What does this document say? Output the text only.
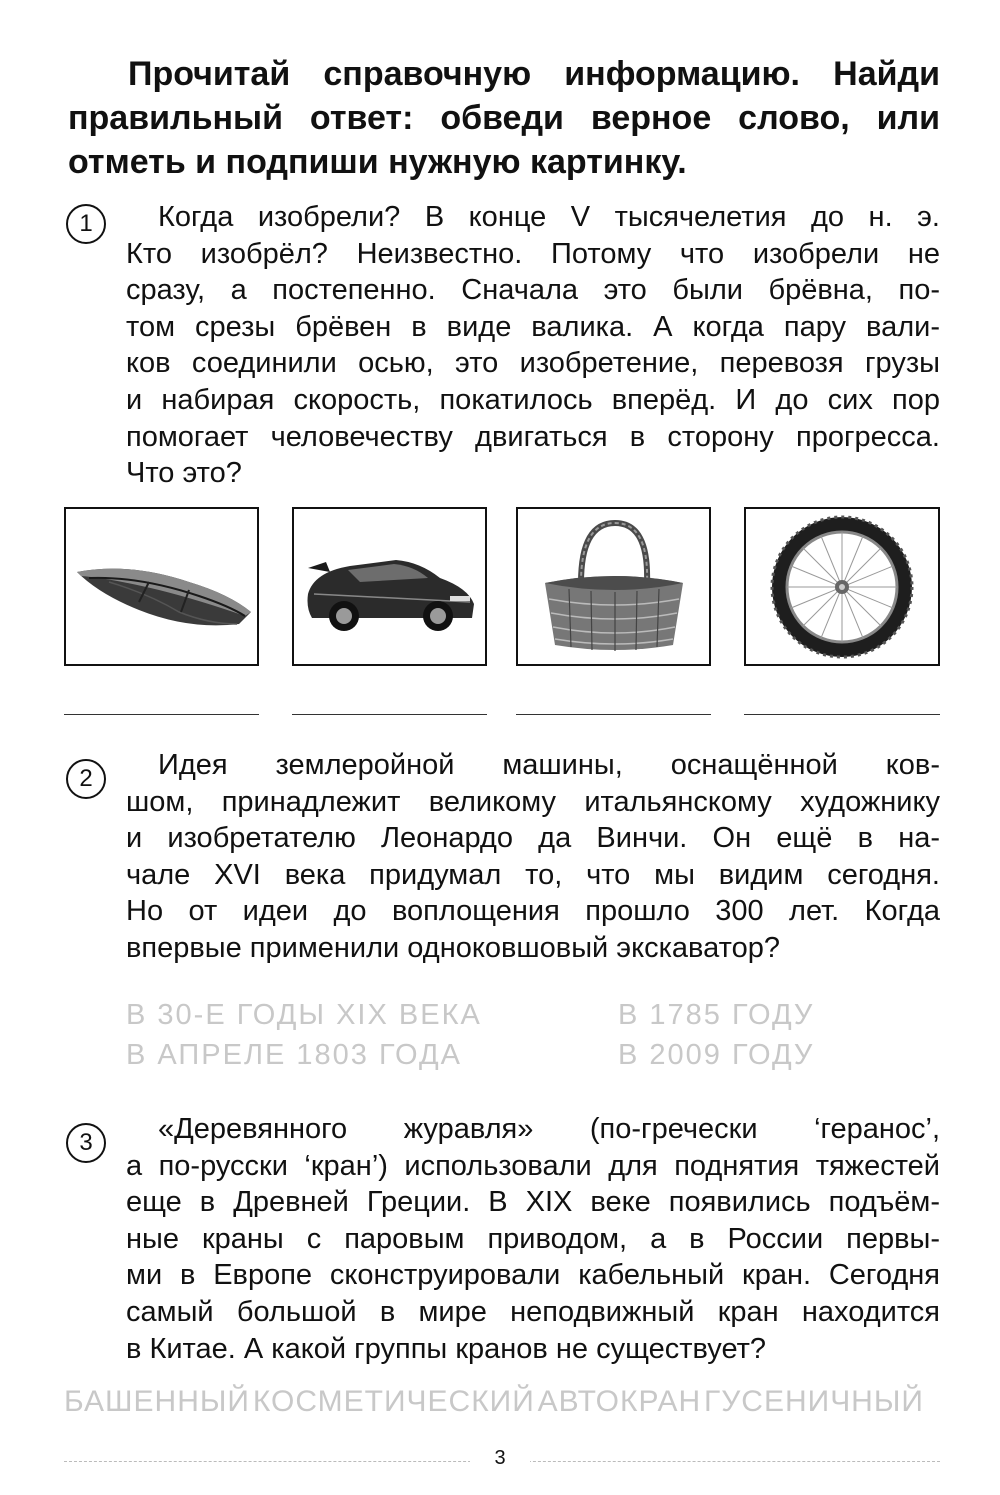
Прочитай справочную информацию. Найди
правильный ответ: обведи верное слово, или
отметь и подпиши нужную картинку.
1	Когда изобрели? В конце V тысячелетия до н. э.
Кто изобрёл? Неизвестно. Потому что изобрели не
сразу, а постепенно. Сначала это были брёвна, по-
том срезы брёвен в виде валика. А когда пару вали-
ков соединили осью, это изобретение, перевозя грузы
и набирая скорость, покатилось вперёд. И до сих пор
помогает человечеству двигаться в сторону прогресса.
Что это?
2	Идея землеройной машины, оснащённой ков-
шом, принадлежит великому итальянскому художнику
и изобретателю Леонардо да Винчи. Он ещё в на-
чале XVI века придумал то, что мы видим сегодня.
Но от идеи до воплощения прошло 300 лет. Когда
впервые применили одноковшовый экскаватор?
В 30-Е ГОДЫ XIX ВЕКА	В 1785 ГОДУ
В АПРЕЛЕ 1803 ГОДА	В 2009 ГОДУ
3	«Деревянного журавля» (по-гречески ‘геранос’,
а по-русски ‘кран’) использовали для поднятия тяжестей
еще в Древней Греции. В XIX веке появились подъём-
ные краны с паровым приводом, а в России первы-
ми в Европе сконструировали кабельный кран. Сегодня
самый большой в мире неподвижный кран находится
в Китае. А какой группы кранов не существует?
БАШЕННЫЙ КОСМЕТИЧЕСКИЙ АВТОКРАН ГУСЕНИЧНЫЙ
3
